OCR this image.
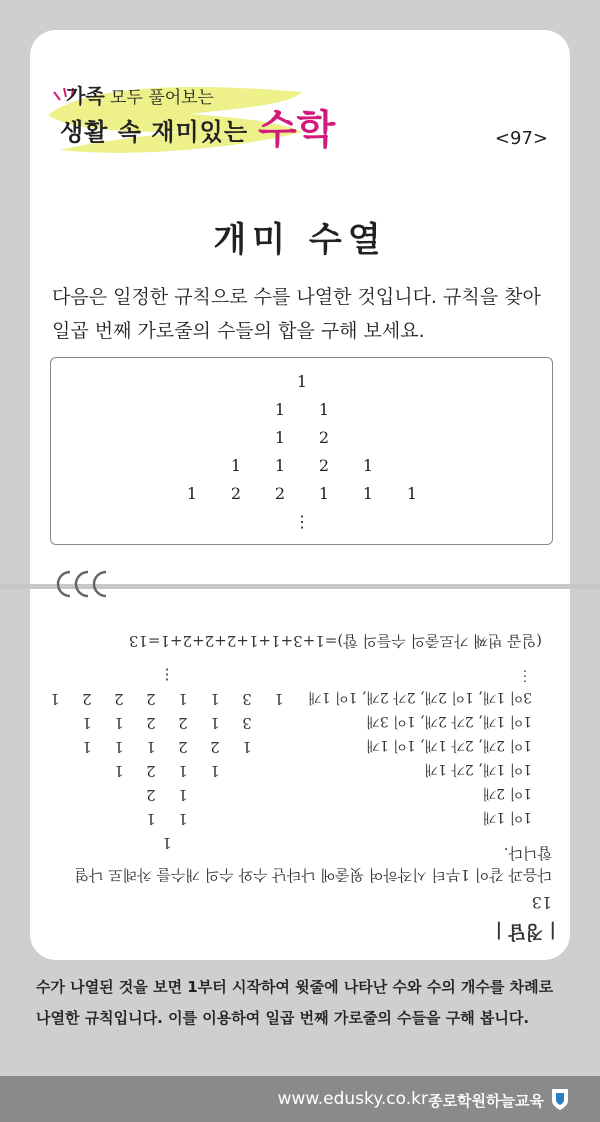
가족 모두 풀어보는
생활 속 재미있는 수학	<97>
개미 수열
다음은 일정한 규칙으로 수를 나열한 것입니다. 규칙을 찾아 일곱 번째 가로줄의 수들의 합을 구해 보세요.
1
1 1
1 2
1 1 2 1
1 2 2 1 1 1
⋮
| 정답 |
13
다음과 같이 1부터 시작하여 윗줄에 나타난 수와 수의 개수를 차례로 나열합니다.
1
1
1
1
2
1
1
2
1
1
2
2
1
1
1
3
1
2
2
1
1
1
3
1
1
2
2
2
1
⋮
1이 1개
1이 2개
1이 1개, 2가 1개
1이 2개, 2가 1개, 1이 1개
1이 1개, 2가 2개, 1이 3개
3이 1개, 1이 2개, 2가 2개, 1이 1개
⋮
(일곱 번째 가로줄의 수들의 합)=1+3+1+1+2+2+2+1=13
수가 나열된 것을 보면 1부터 시작하여 윗줄에 나타난 수와 수의 개수를 차례로 나열한 규칙입니다. 이를 이용하여 일곱 번째 가로줄의 수들을 구해 봅니다.
www.edusky.co.kr 종로학원하늘교육
